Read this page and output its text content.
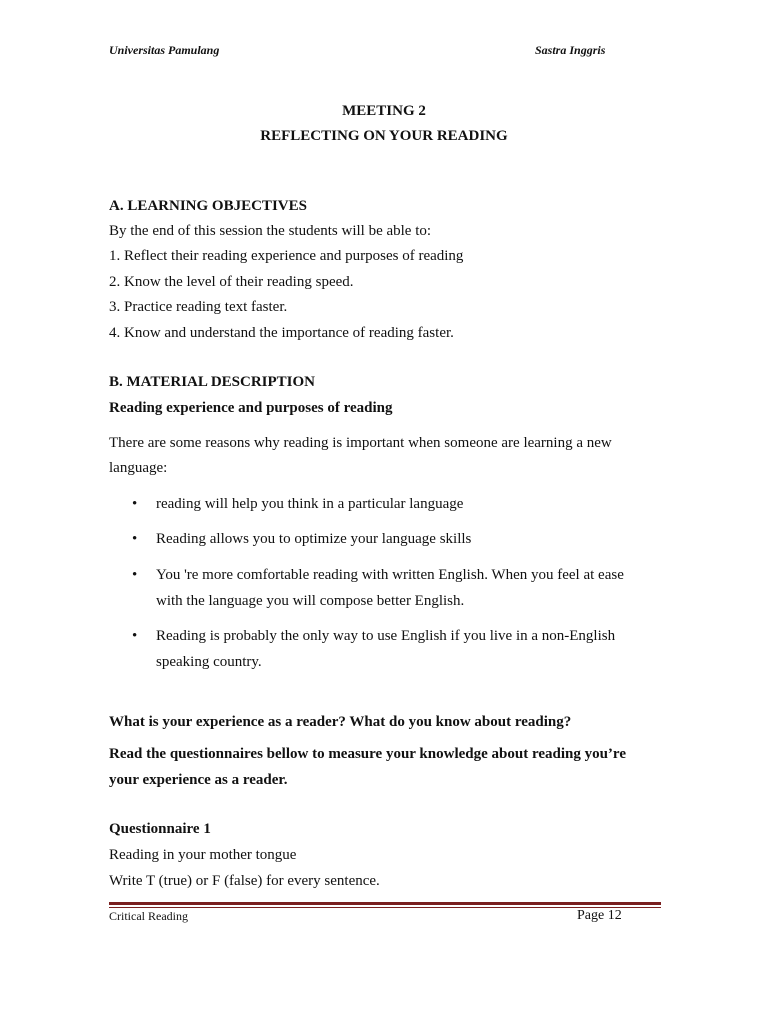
Universitas Pamulang	Sastra Inggris
MEETING 2
REFLECTING ON YOUR READING
A. LEARNING OBJECTIVES
By the end of this session the students will be able to:
1. Reflect their reading experience and purposes of reading
2. Know the level of their reading speed.
3. Practice reading text faster.
4. Know and understand the importance of reading faster.
B. MATERIAL DESCRIPTION
Reading experience and purposes of reading
There are some reasons why reading is important when someone are learning a new
language:
• reading will help you think in a particular language
• Reading allows you to optimize your language skills
• You 're more comfortable reading with written English. When you feel at ease
with the language you will compose better English.
• Reading is probably the only way to use English if you live in a non-English
speaking country.
What is your experience as a reader? What do you know about reading?
Read the questionnaires bellow to measure your knowledge about reading you’re
your experience as a reader.
Questionnaire 1
Reading in your mother tongue
Write T (true) or F (false) for every sentence.
Critical Reading	Page 12
